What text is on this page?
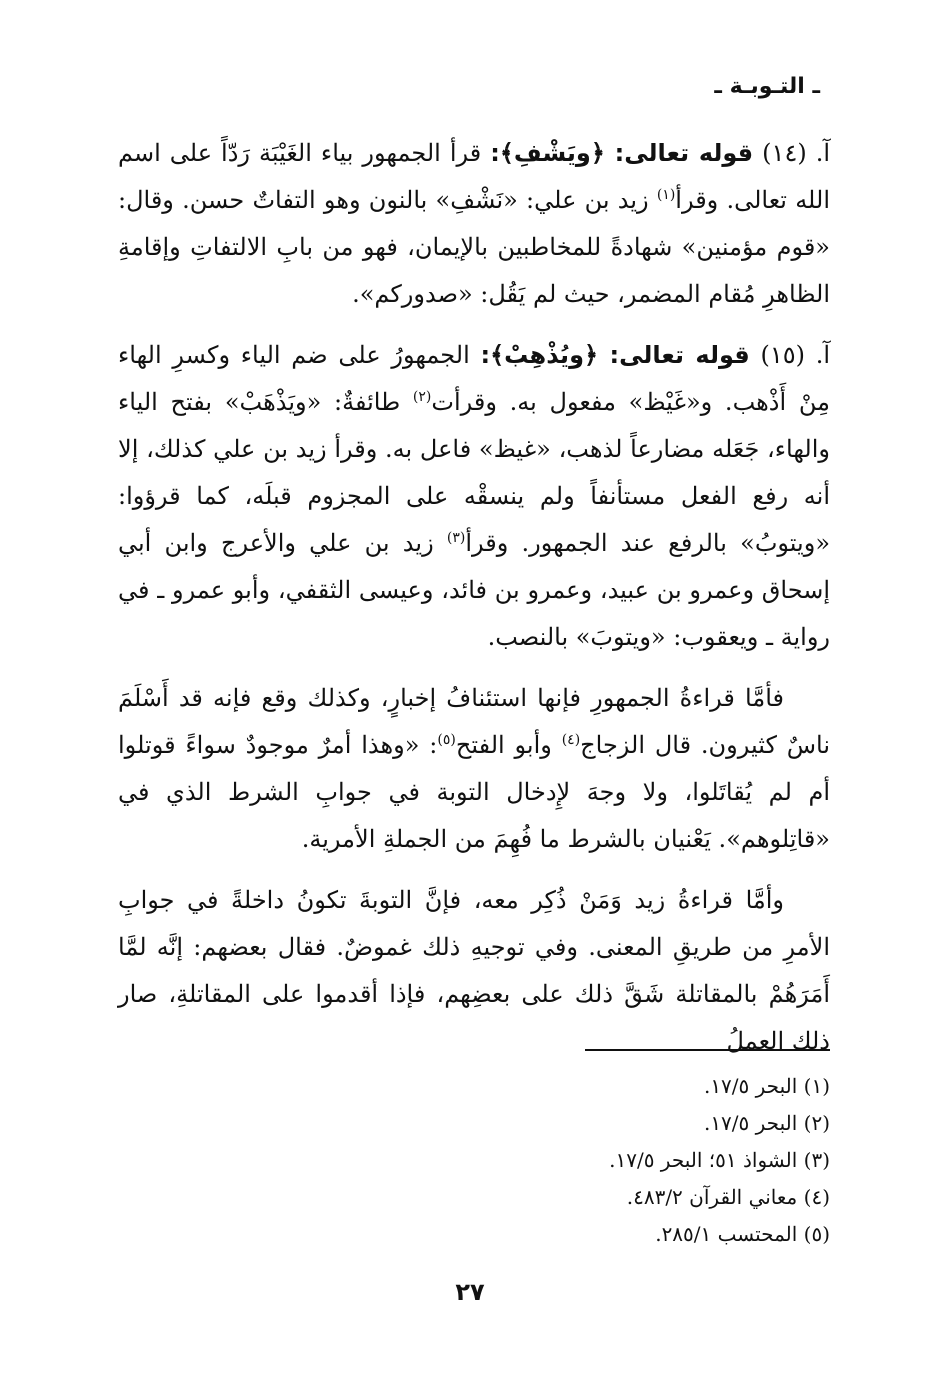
ـ التـوبـة ـ

آ. (١٤) قوله تعالى: ﴿ويَشْفِ﴾: قرأ الجمهور بياء الغَيْبَة رَدّاً على اسم الله تعالى. وقرأ$^{(١)}$ زيد بن علي: «نَشْفِ» بالنون وهو التفاتٌ حسن. وقال: «قوم مؤمنين» شهادةً للمخاطبين بالإيمان، فهو من بابِ الالتفاتِ وإقامةِ الظاهرِ مُقام المضمر، حيث لم يَقُل: «صدوركم».

آ. (١٥) قوله تعالى: ﴿ويُذْهِبْ﴾: الجمهورُ على ضم الياء وكسرِ الهاء مِنْ أَذْهب. و«غَيْظ» مفعول به. وقرأت$^{(٢)}$ طائفةٌ: «ويَذْهَبْ» بفتح الياء والهاء، جَعَله مضارعاً لذهب، «غيظ» فاعل به. وقرأ زيد بن علي كذلك، إلا أنه رفع الفعل مستأنفاً ولم ينسقْه على المجزوم قبلَه، كما قرؤوا: «ويتوبُ» بالرفع عند الجمهور. وقرأ$^{(٣)}$ زيد بن علي والأعرج وابن أبي إسحاق وعمرو بن عبيد، وعمرو بن فائد، وعيسى الثقفي، وأبو عمرو ـ في رواية ـ ويعقوب: «ويتوبَ» بالنصب.

فأمَّا قراءةُ الجمهورِ فإنها استئنافُ إخبارٍ، وكذلك وقع فإنه قد أَسْلَمَ ناسٌ كثيرون. قال الزجاج$^{(٤)}$ وأبو الفتح$^{(٥)}$: «وهذا أمرٌ موجودٌ سواءً قوتلوا أم لم يُقاتَلوا، ولا وجهَ لإِدخال التوبة في جوابِ الشرط الذي في «قاتِلوهم». يَعْنيان بالشرط ما فُهِمَ من الجملةِ الأمرية.

وأمَّا قراءةُ زيد وَمَنْ ذُكِر معه، فإنَّ التوبةَ تكونُ داخلةً في جوابِ الأمرِ من طريقِ المعنى. وفي توجيهِ ذلك غموضٌ. فقال بعضهم: إنَّه لمَّا أَمَرَهُمْ بالمقاتلة شَقَّ ذلك على بعضِهم، فإذا أقدموا على المقاتلةِ، صار ذلك العملُ

(١) البحر ١٧/٥.
(٢) البحر ١٧/٥.
(٣) الشواذ ٥١؛ البحر ١٧/٥.
(٤) معاني القرآن ٤٨٣/٢.
(٥) المحتسب ٢٨٥/١.
٢٧
